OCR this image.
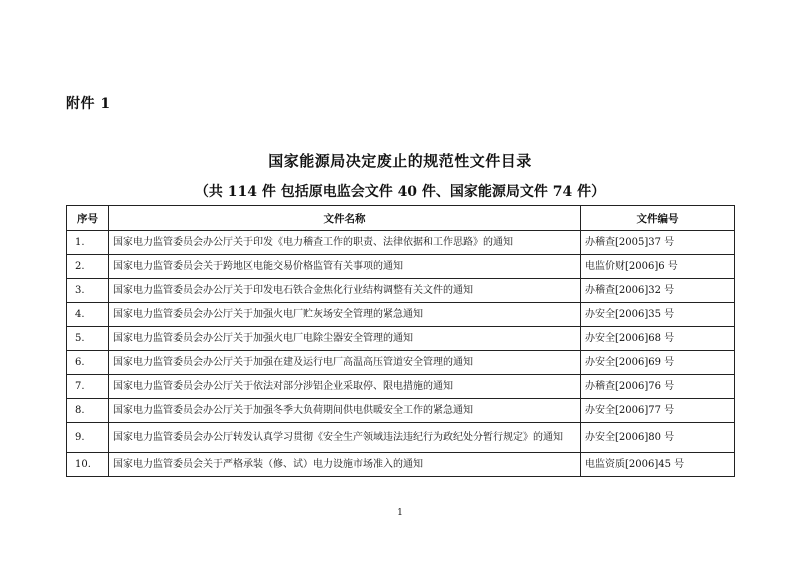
附件 1
国家能源局决定废止的规范性文件目录
（共 114 件 包括原电监会文件 40 件、国家能源局文件 74 件）
序号	文件名称	文件编号
1.	国家电力监管委员会办公厅关于印发《电力稽查工作的职责、法律依据和工作思路》的通知	办稽查[2005]37 号
2.	国家电力监管委员会关于跨地区电能交易价格监管有关事项的通知	电监价财[2006]6 号
3.	国家电力监管委员会办公厅关于印发电石铁合金焦化行业结构调整有关文件的通知	办稽查[2006]32 号
4.	国家电力监管委员会办公厅关于加强火电厂贮灰场安全管理的紧急通知	办安全[2006]35 号
5.	国家电力监管委员会办公厅关于加强火电厂电除尘器安全管理的通知	办安全[2006]68 号
6.	国家电力监管委员会办公厅关于加强在建及运行电厂高温高压管道安全管理的通知	办安全[2006]69 号
7.	国家电力监管委员会办公厅关于依法对部分涉铝企业采取停、限电措施的通知	办稽查[2006]76 号
8.	国家电力监管委员会办公厅关于加强冬季大负荷期间供电供暖安全工作的紧急通知	办安全[2006]77 号
9.	国家电力监管委员会办公厅转发认真学习贯彻《安全生产领域违法违纪行为政纪处分暂行规定》的通知	办安全[2006]80 号
10.	国家电力监管委员会关于严格承装（修、试）电力设施市场准入的通知	电监资质[2006]45 号
1
